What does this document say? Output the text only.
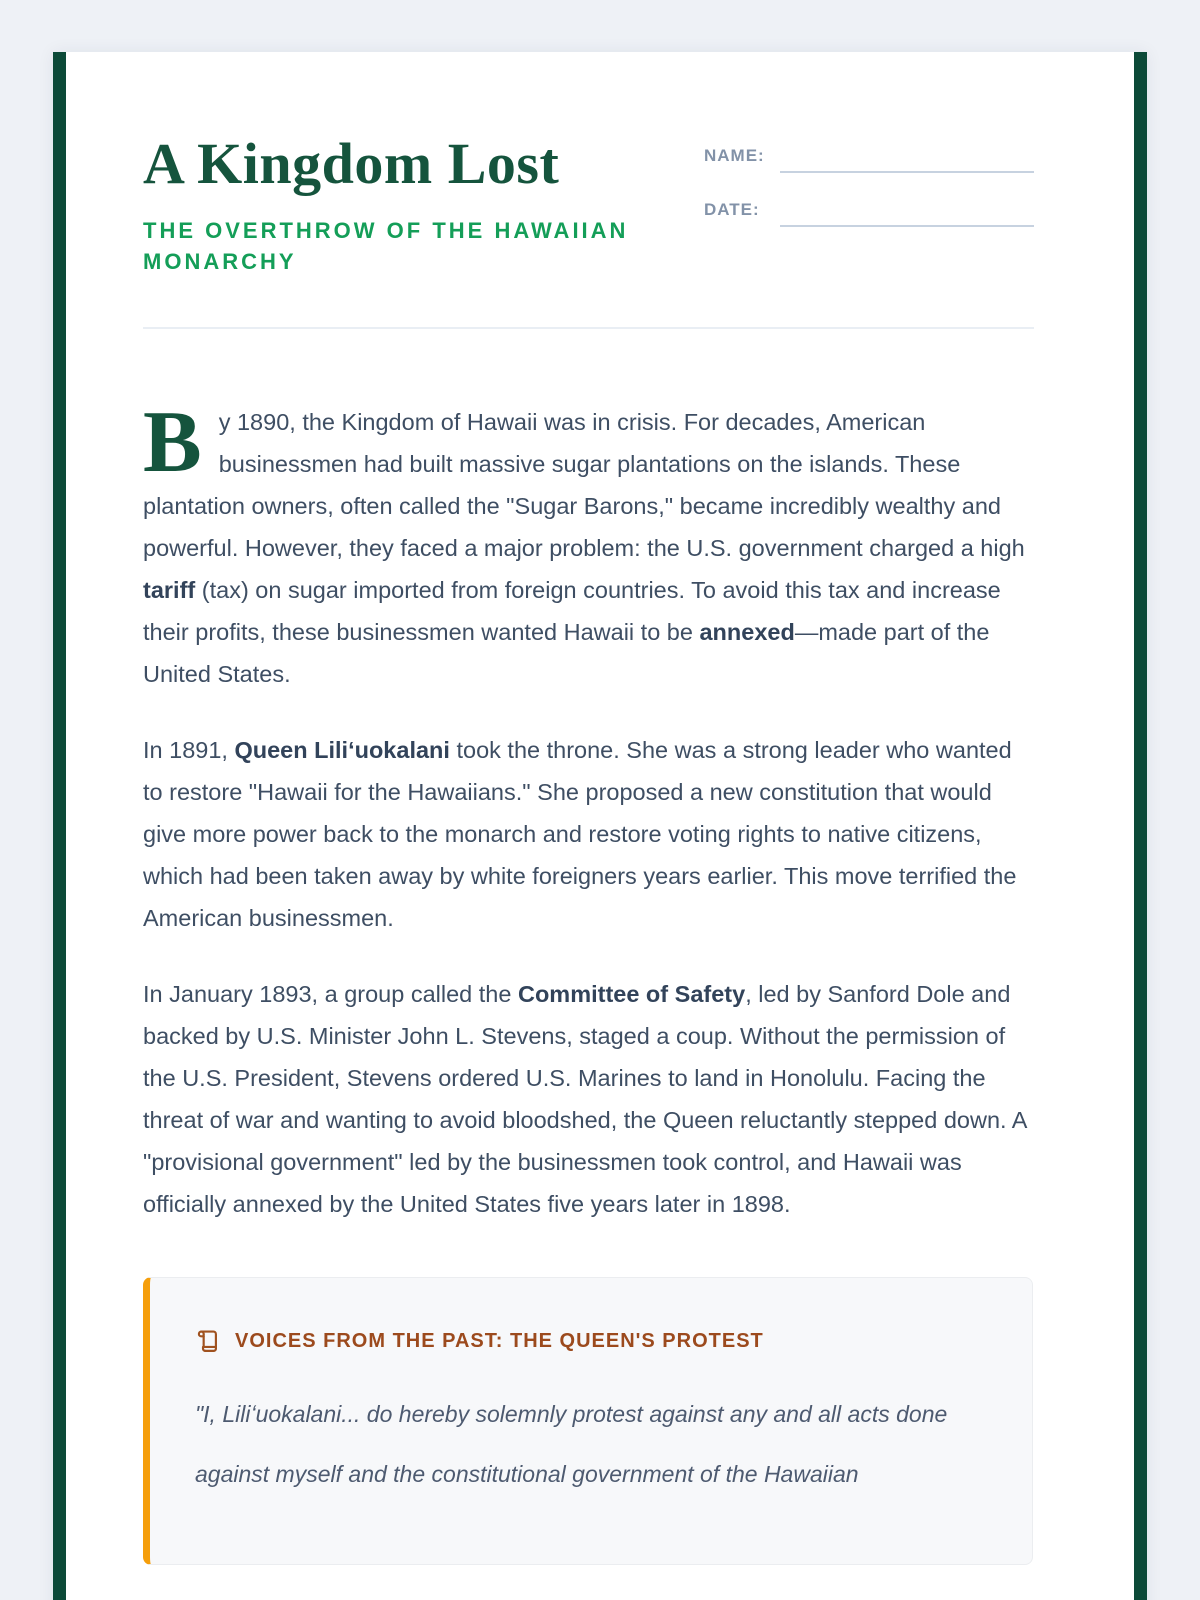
A Kingdom Lost
THE OVERTHROW OF THE HAWAIIAN MONARCHY
NAME:
DATE:

By 1890, the Kingdom of Hawaii was in crisis. For decades, American businessmen had built massive sugar plantations on the islands. These plantation owners, often called the "Sugar Barons," became incredibly wealthy and powerful. However, they faced a major problem: the U.S. government charged a high tariff (tax) on sugar imported from foreign countries. To avoid this tax and increase their profits, these businessmen wanted Hawaii to be annexed—made part of the United States.

In 1891, Queen Liliʻuokalani took the throne. She was a strong leader who wanted to restore "Hawaii for the Hawaiians." She proposed a new constitution that would give more power back to the monarch and restore voting rights to native citizens, which had been taken away by white foreigners years earlier. This move terrified the American businessmen.

In January 1893, a group called the Committee of Safety, led by Sanford Dole and backed by U.S. Minister John L. Stevens, staged a coup. Without the permission of the U.S. President, Stevens ordered U.S. Marines to land in Honolulu. Facing the threat of war and wanting to avoid bloodshed, the Queen reluctantly stepped down. A "provisional government" led by the businessmen took control, and Hawaii was officially annexed by the United States five years later in 1898.

VOICES FROM THE PAST: THE QUEEN'S PROTEST
"I, Liliʻuokalani... do hereby solemnly protest against any and all acts done against myself and the constitutional government of the Hawaiian
